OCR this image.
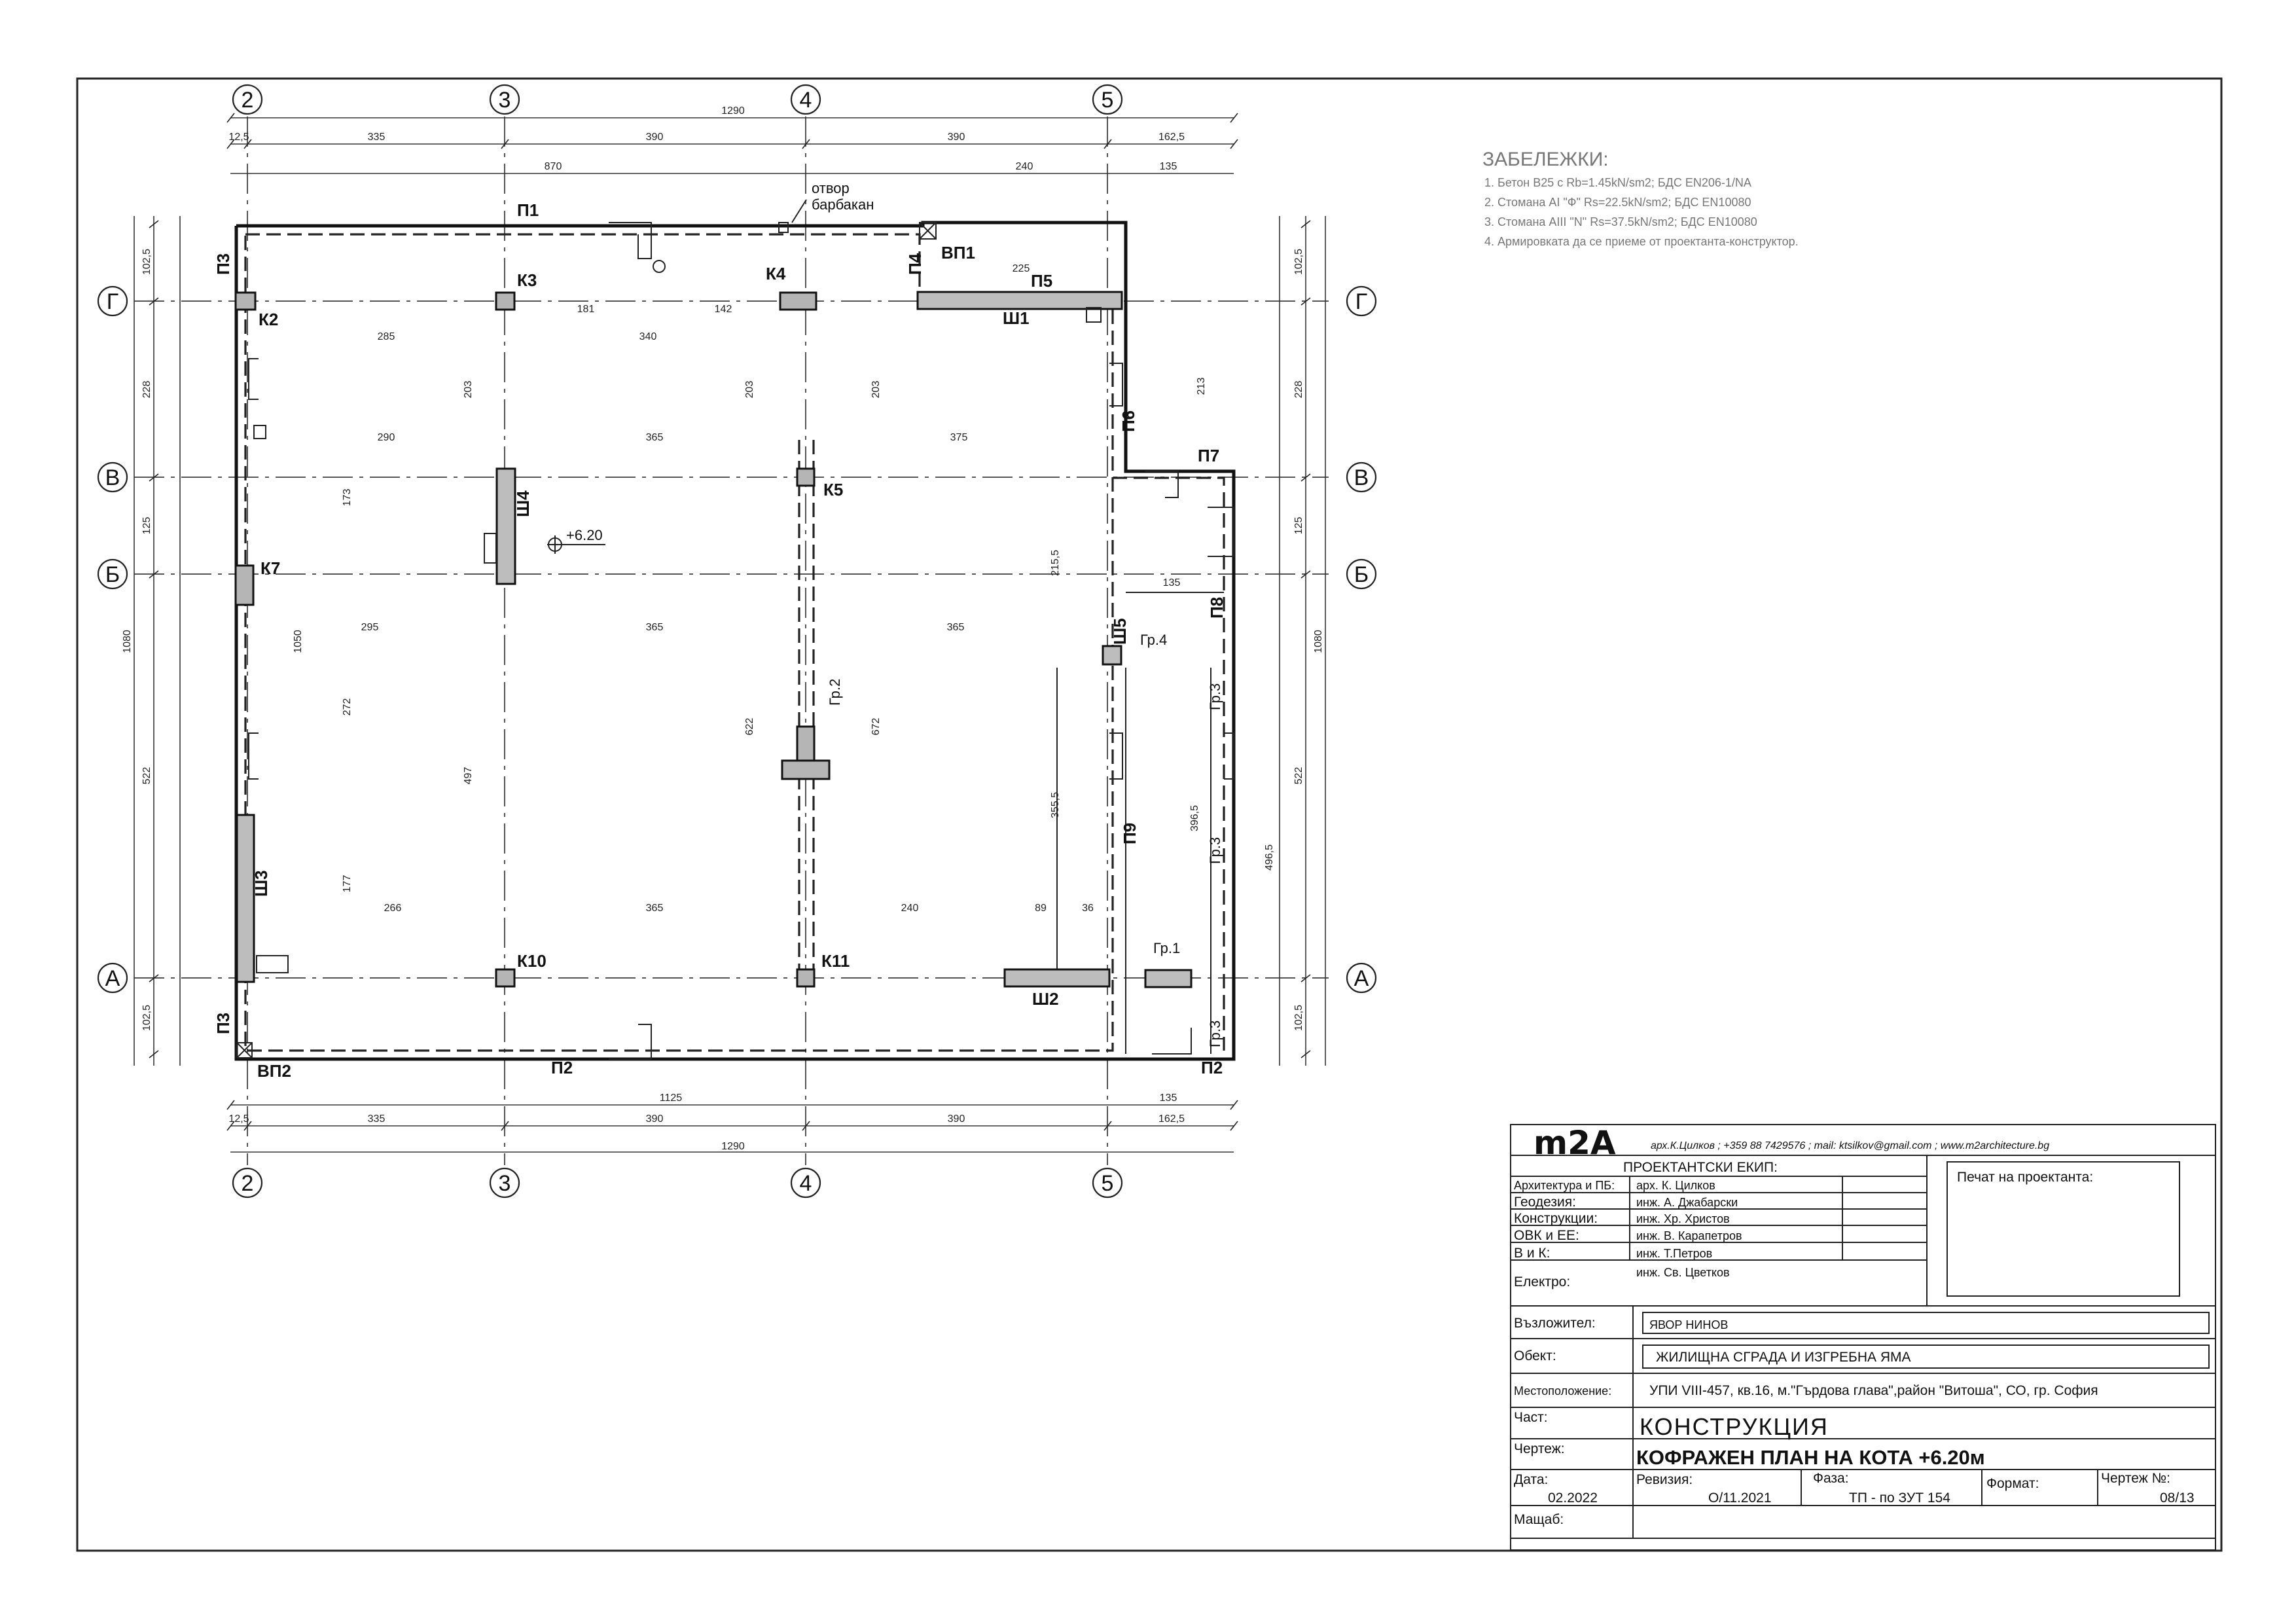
2	3	4	5
2	3	4	5
Г
В
Б
А
Г
В
Б
А
1290
12,5	335	390	390	162,5
870	240	135
1125	135
12,5	335	390	390	162,5
1290
1080
102,5
228
125
522
102,5
1080
102,5
228
125
522
102,5
К2
К3	К4
К5
К7
К10	К11
Ш1
Ш2
Ш3
Ш4
Ш5
П1
П2	П2
П3
П3
П4
П5
П6
П7
П8
П9
ВП1
ВП2
Гр.1
Гр.2	Гр.3
Гр.3
Гр.3
Гр.4
+6.20
отвор
барбакан
285	340
181	142
290	365	375
295	365	365
266	365	240
203	203	203
497
622	672
1050
272
177
173
215,5
355,5
496,5
396,5
213
225
135
89	36
ЗАБЕЛЕЖКИ:
1. Бетон B25 с Rb=1.45kN/sm2; БДС EN206-1/NA
2. Стомана AI "Ф" Rs=22.5kN/sm2; БДС EN10080
3. Стомана AIII "N" Rs=37.5kN/sm2; БДС EN10080
4. Армировката да се приеме от проектанта-конструктор.
m2A	арх.К.Цилков ; +359 88 7429576 ; mail: ktsilkov@gmail.com ; www.m2architecture.bg
ПРОЕКТАНТСКИ ЕКИП:
Архитектура и ПБ: арх. К. Цилков
Геодезия:	инж. А. Джабарски
Конструкции:	инж. Хр. Христов
ОВК и ЕЕ:	инж. В. Карапетров
В и К:	инж. Т.Петров
Електро:
инж. Св. Цветков
Печат на проектанта:
Възложител:	ЯВОР НИНОВ
Обект:	ЖИЛИЩНА СГРАДА И ИЗГРЕБНА ЯМА
Местоположение:	УПИ VIII-457, кв.16, м."Гърдова глава",район "Витоша", СО, гр. София
Част:	КОНСТРУКЦИЯ
Чертеж:	КОФРАЖЕН ПЛАН НА КОТА +6.20м
Дата:
02.2022
Ревизия:
О/11.2021
Фаза:
ТП - по ЗУТ 154
Формат:	Чертеж №:
08/13
Мащаб:
